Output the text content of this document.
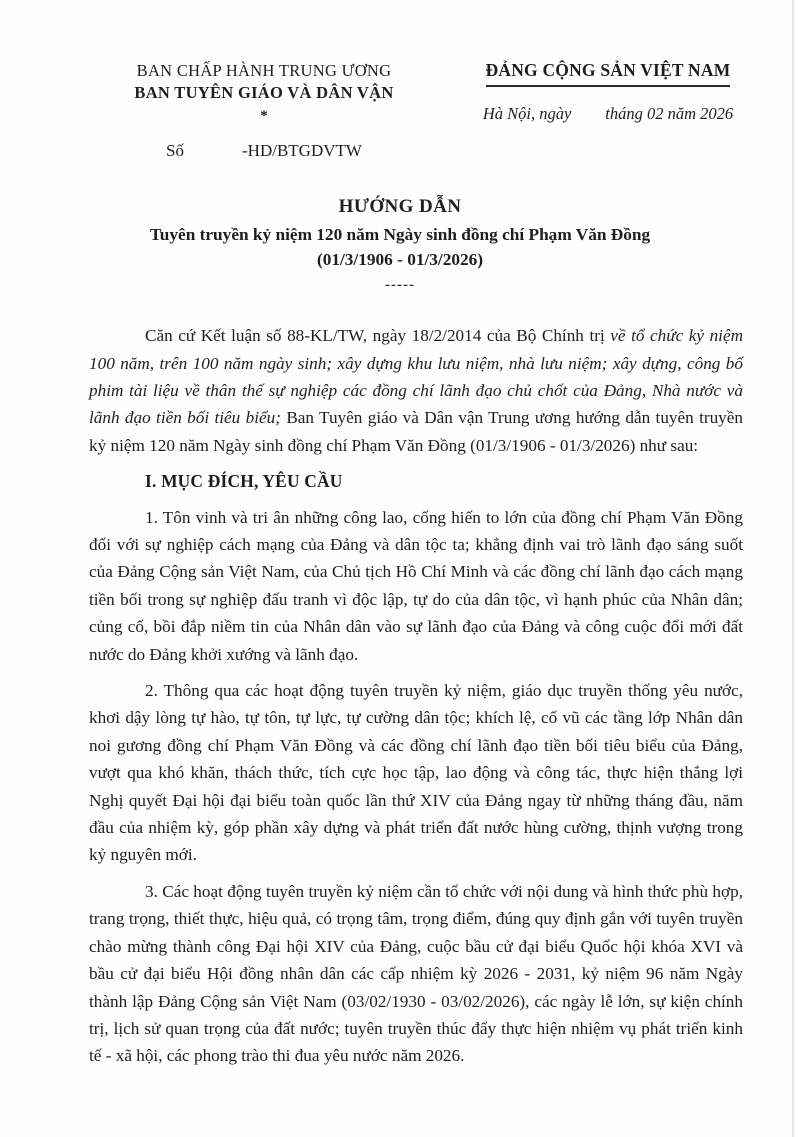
BAN CHẤP HÀNH TRUNG ƯƠNG
BAN TUYÊN GIÁO VÀ DÂN VẬN
*
Số	-HD/BTGDVTW
ĐẢNG CỘNG SẢN VIỆT NAM
Hà Nội, ngày tháng 02 năm 2026
HƯỚNG DẪN
Tuyên truyền kỷ niệm 120 năm Ngày sinh đồng chí Phạm Văn Đồng
(01/3/1906 - 01/3/2026)
-----

Căn cứ Kết luận số 88-KL/TW, ngày 18/2/2014 của Bộ Chính trị về tổ chức kỷ niệm 100 năm, trên 100 năm ngày sinh; xây dựng khu lưu niệm, nhà lưu niệm; xây dựng, công bố phim tài liệu về thân thế sự nghiệp các đồng chí lãnh đạo chủ chốt của Đảng, Nhà nước và lãnh đạo tiền bối tiêu biểu; Ban Tuyên giáo và Dân vận Trung ương hướng dẫn tuyên truyền kỷ niệm 120 năm Ngày sinh đồng chí Phạm Văn Đồng (01/3/1906 - 01/3/2026) như sau:

I. MỤC ĐÍCH, YÊU CẦU

1. Tôn vinh và tri ân những công lao, cống hiến to lớn của đồng chí Phạm Văn Đồng đối với sự nghiệp cách mạng của Đảng và dân tộc ta; khẳng định vai trò lãnh đạo sáng suốt của Đảng Cộng sản Việt Nam, của Chủ tịch Hồ Chí Minh và các đồng chí lãnh đạo cách mạng tiền bối trong sự nghiệp đấu tranh vì độc lập, tự do của dân tộc, vì hạnh phúc của Nhân dân; củng cố, bồi đắp niềm tin của Nhân dân vào sự lãnh đạo của Đảng và công cuộc đổi mới đất nước do Đảng khởi xướng và lãnh đạo.

2. Thông qua các hoạt động tuyên truyền kỷ niệm, giáo dục truyền thống yêu nước, khơi dậy lòng tự hào, tự tôn, tự lực, tự cường dân tộc; khích lệ, cổ vũ các tầng lớp Nhân dân noi gương đồng chí Phạm Văn Đồng và các đồng chí lãnh đạo tiền bối tiêu biểu của Đảng, vượt qua khó khăn, thách thức, tích cực học tập, lao động và công tác, thực hiện thắng lợi Nghị quyết Đại hội đại biểu toàn quốc lần thứ XIV của Đảng ngay từ những tháng đầu, năm đầu của nhiệm kỳ, góp phần xây dựng và phát triển đất nước hùng cường, thịnh vượng trong kỷ nguyên mới.

3. Các hoạt động tuyên truyền kỷ niệm cần tổ chức với nội dung và hình thức phù hợp, trang trọng, thiết thực, hiệu quả, có trọng tâm, trọng điểm, đúng quy định gắn với tuyên truyền chào mừng thành công Đại hội XIV của Đảng, cuộc bầu cử đại biểu Quốc hội khóa XVI và bầu cử đại biểu Hội đồng nhân dân các cấp nhiệm kỳ 2026 - 2031, kỷ niệm 96 năm Ngày thành lập Đảng Cộng sản Việt Nam (03/02/1930 - 03/02/2026), các ngày lễ lớn, sự kiện chính trị, lịch sử quan trọng của đất nước; tuyên truyền thúc đẩy thực hiện nhiệm vụ phát triển kinh tế - xã hội, các phong trào thi đua yêu nước năm 2026.
